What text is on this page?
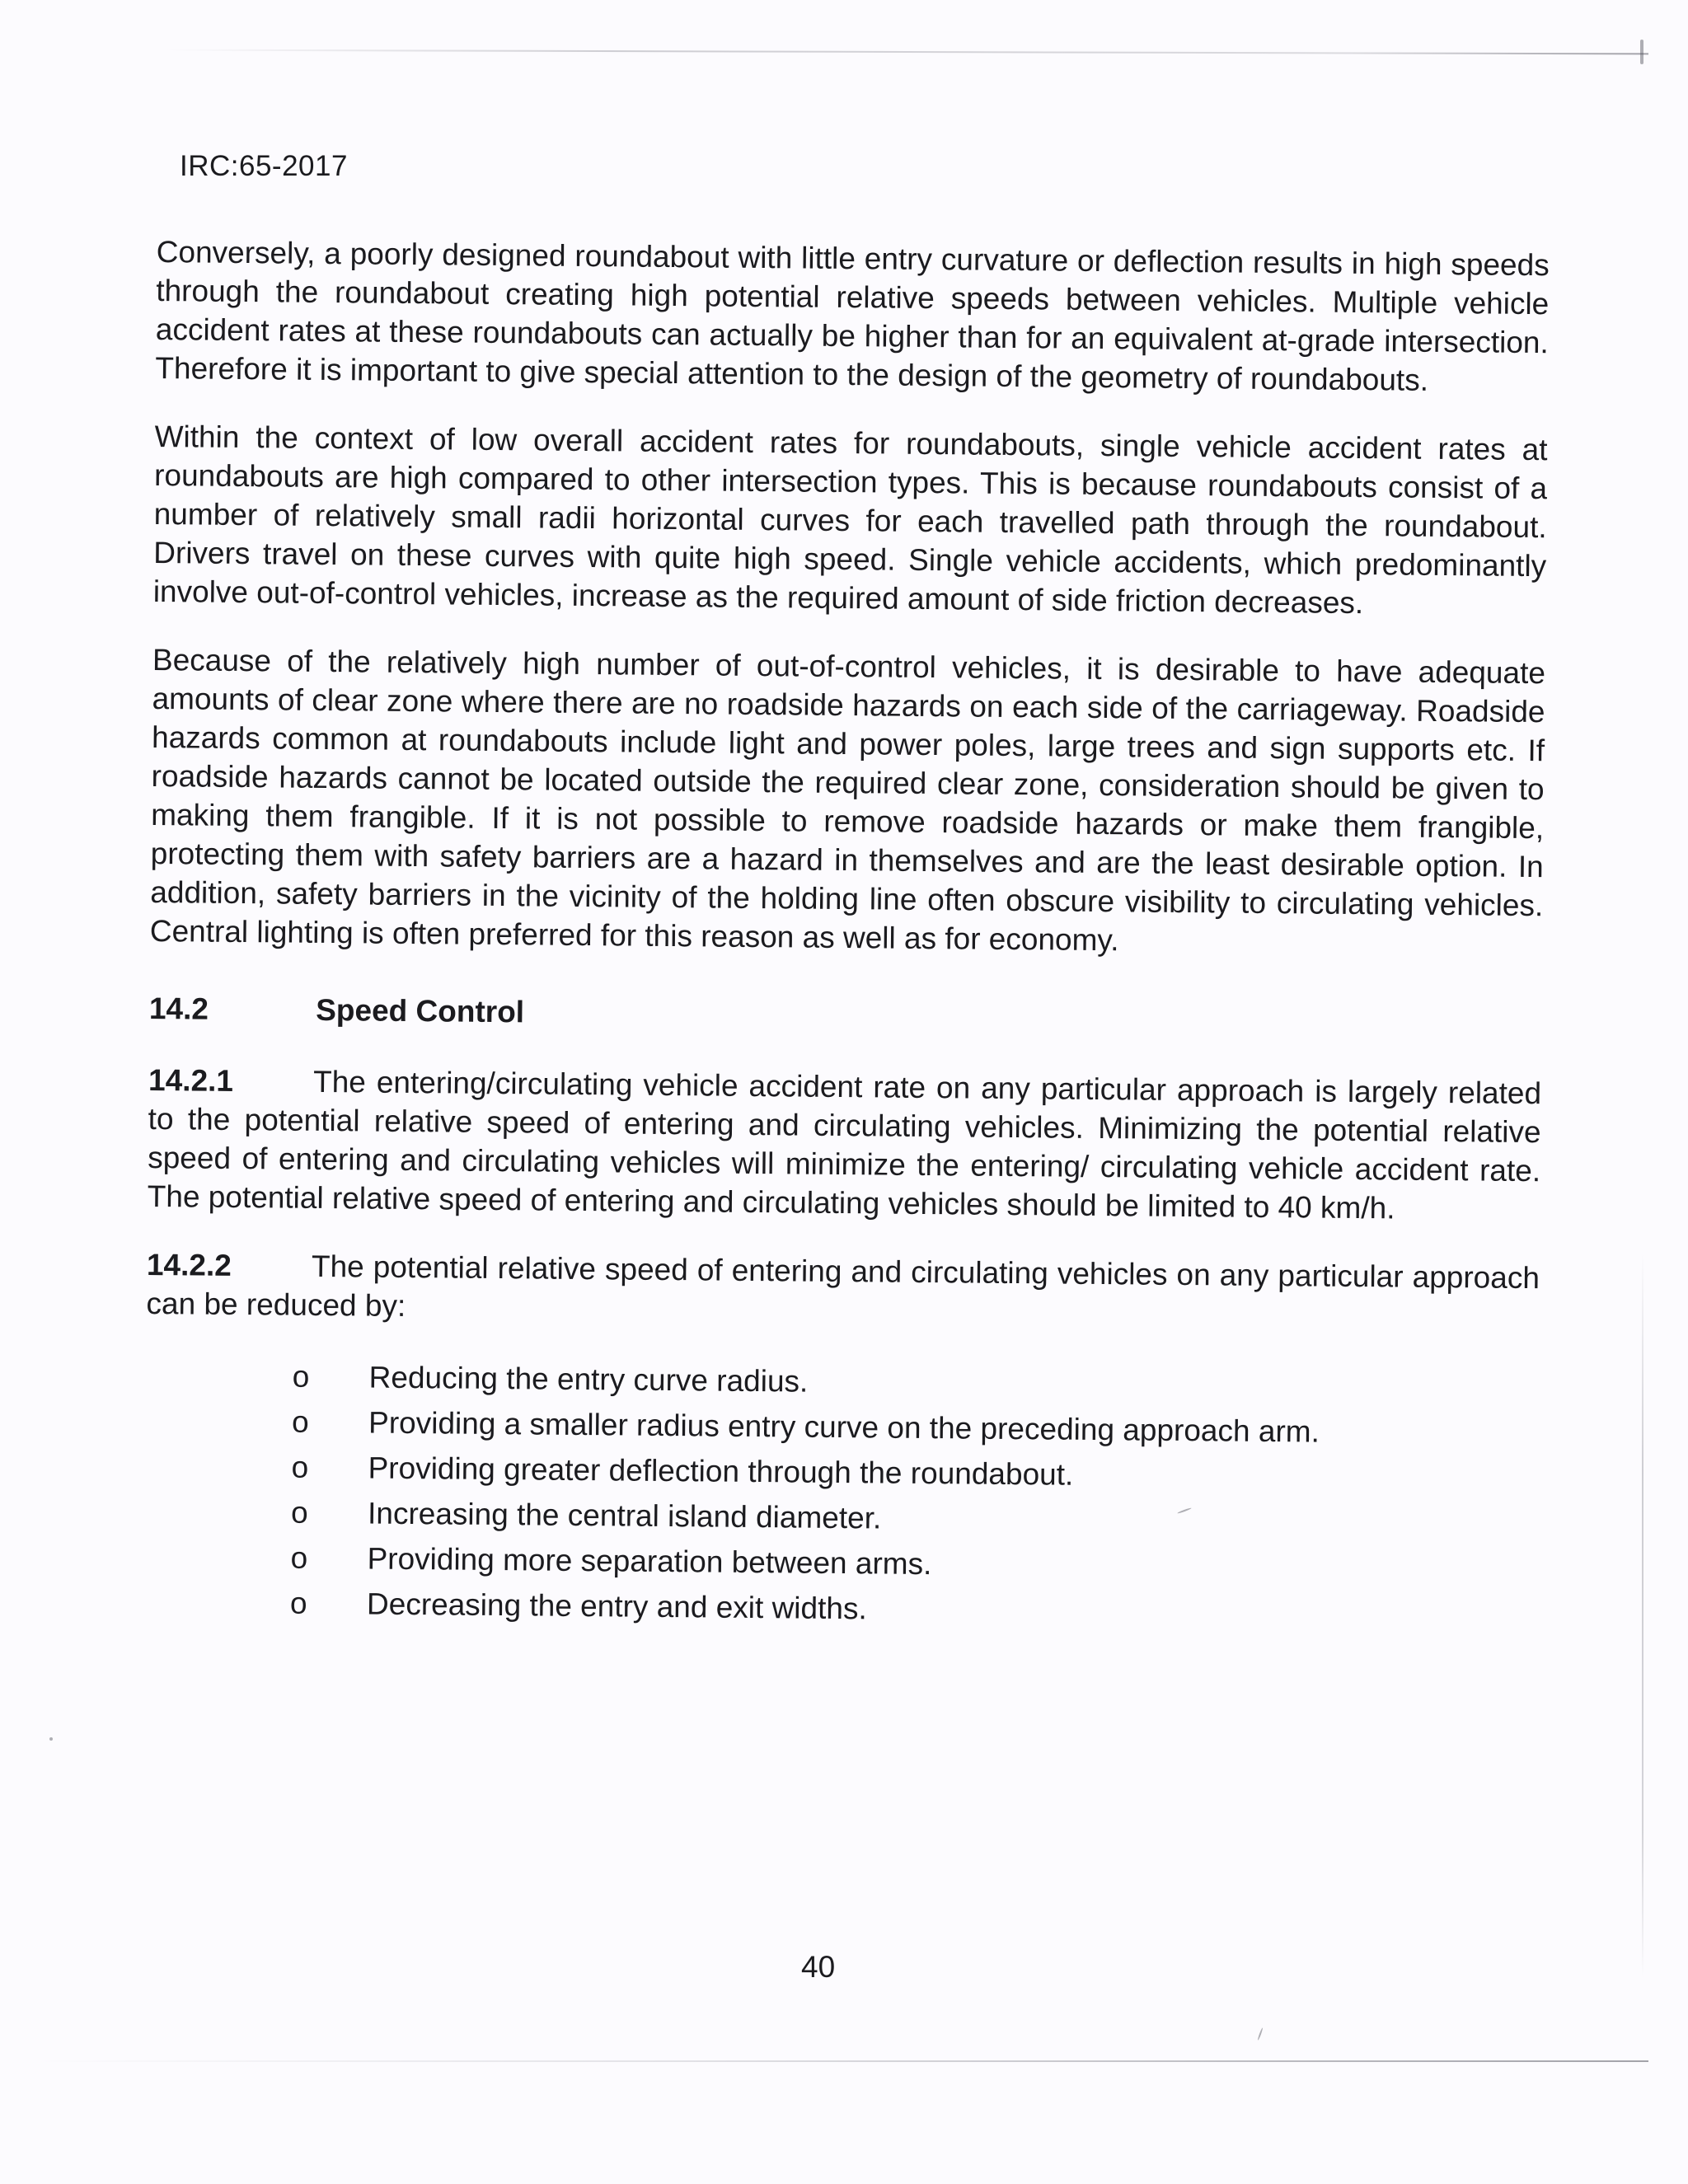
IRC:65-2017

Conversely, a poorly designed roundabout with little entry curvature or deflection results in high speeds through the roundabout creating high potential relative speeds between vehicles. Multiple vehicle accident rates at these roundabouts can actually be higher than for an equivalent at-grade intersection. Therefore it is important to give special attention to the design of the geometry of roundabouts.

Within the context of low overall accident rates for roundabouts, single vehicle accident rates at roundabouts are high compared to other intersection types. This is because roundabouts consist of a number of relatively small radii horizontal curves for each travelled path through the roundabout. Drivers travel on these curves with quite high speed. Single vehicle accidents, which predominantly involve out-of-control vehicles, increase as the required amount of side friction decreases.

Because of the relatively high number of out-of-control vehicles, it is desirable to have adequate amounts of clear zone where there are no roadside hazards on each side of the carriageway. Roadside hazards common at roundabouts include light and power poles, large trees and sign supports etc. If roadside hazards cannot be located outside the required clear zone, consideration should be given to making them frangible. If it is not possible to remove roadside hazards or make them frangible, protecting them with safety barriers are a hazard in themselves and are the least desirable option. In addition, safety barriers in the vicinity of the holding line often obscure visibility to circulating vehicles. Central lighting is often preferred for this reason as well as for economy.

14.2	Speed Control

14.2.1	The entering/circulating vehicle accident rate on any particular approach is largely related to the potential relative speed of entering and circulating vehicles. Minimizing the potential relative speed of entering and circulating vehicles will minimize the entering/ circulating vehicle accident rate. The potential relative speed of entering and circulating vehicles should be limited to 40 km/h.

14.2.2	The potential relative speed of entering and circulating vehicles on any particular approach can be reduced by:

o Reducing the entry curve radius.
o Providing a smaller radius entry curve on the preceding approach arm.
o Providing greater deflection through the roundabout.
o Increasing the central island diameter.
o Providing more separation between arms.
o Decreasing the entry and exit widths.
40
